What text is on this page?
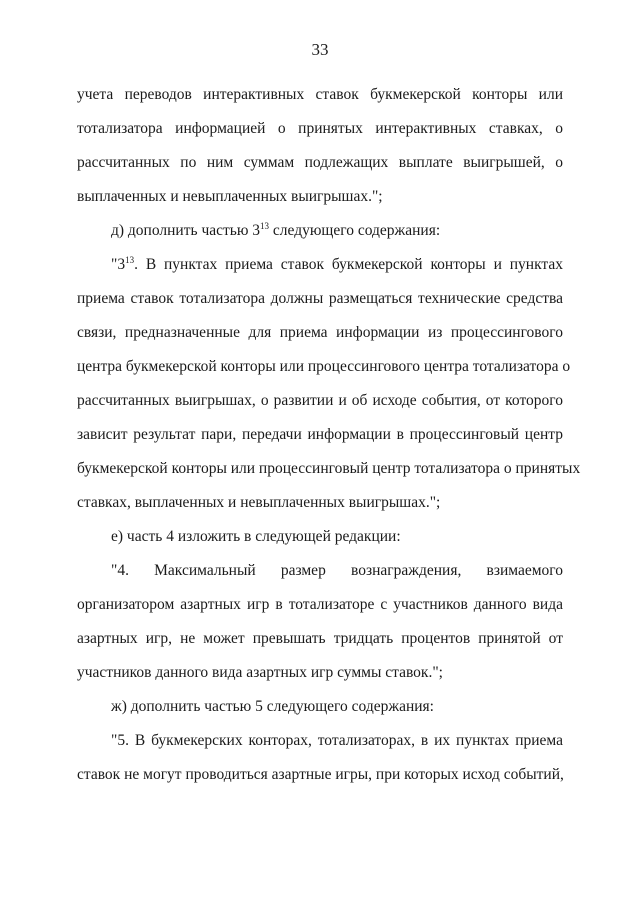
33
учета переводов интерактивных ставок букмекерской конторы или
тотализатора информацией о принятых интерактивных ставках, о
рассчитанных по ним суммам подлежащих выплате выигрышей, о
выплаченных и невыплаченных выигрышах.";
д) дополнить частью $3^{13}$ следующего содержания:
"$3^{13}$. В пунктах приема ставок букмекерской конторы и пунктах
приема ставок тотализатора должны размещаться технические средства
связи, предназначенные для приема информации из процессингового
центра букмекерской конторы или процессингового центра тотализатора о
рассчитанных выигрышах, о развитии и об исходе события, от которого
зависит результат пари, передачи информации в процессинговый центр
букмекерской конторы или процессинговый центр тотализатора о принятых
ставках, выплаченных и невыплаченных выигрышах.";
е) часть 4 изложить в следующей редакции:
"4. Максимальный размер вознаграждения, взимаемого
организатором азартных игр в тотализаторе с участников данного вида
азартных игр, не может превышать тридцать процентов принятой от
участников данного вида азартных игр суммы ставок.";
ж) дополнить частью 5 следующего содержания:
"5. В букмекерских конторах, тотализаторах, в их пунктах приема
ставок не могут проводиться азартные игры, при которых исход событий,
